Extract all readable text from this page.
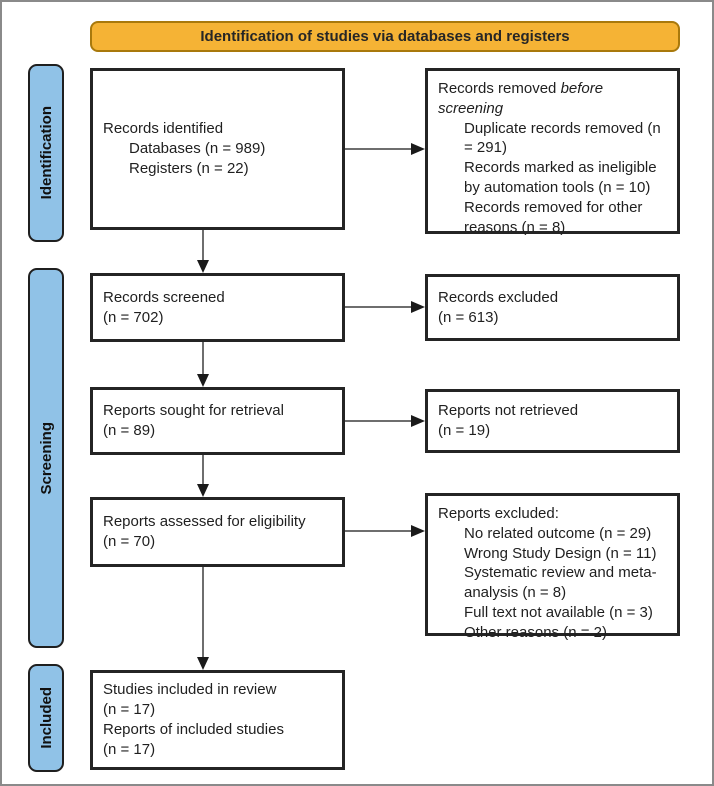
Identification of studies via databases and registers
Identification
Screening
Included
Records identified
Databases (n = 989)
Registers (n = 22)
Records removed before screening
Duplicate records removed (n = 291)
Records marked as ineligible by automation tools (n = 10)
Records removed for other reasons (n = 8)
Records screened
(n = 702)
Records excluded
(n = 613)
Reports sought for retrieval
(n = 89)
Reports not retrieved
(n = 19)
Reports assessed for eligibility
(n = 70)
Reports excluded:
No related outcome (n = 29)
Wrong Study Design (n = 11)
Systematic review and meta-analysis (n = 8)
Full text not available (n = 3)
Other reasons (n = 2)
Studies included in review
(n = 17)
Reports of included studies
(n = 17)
